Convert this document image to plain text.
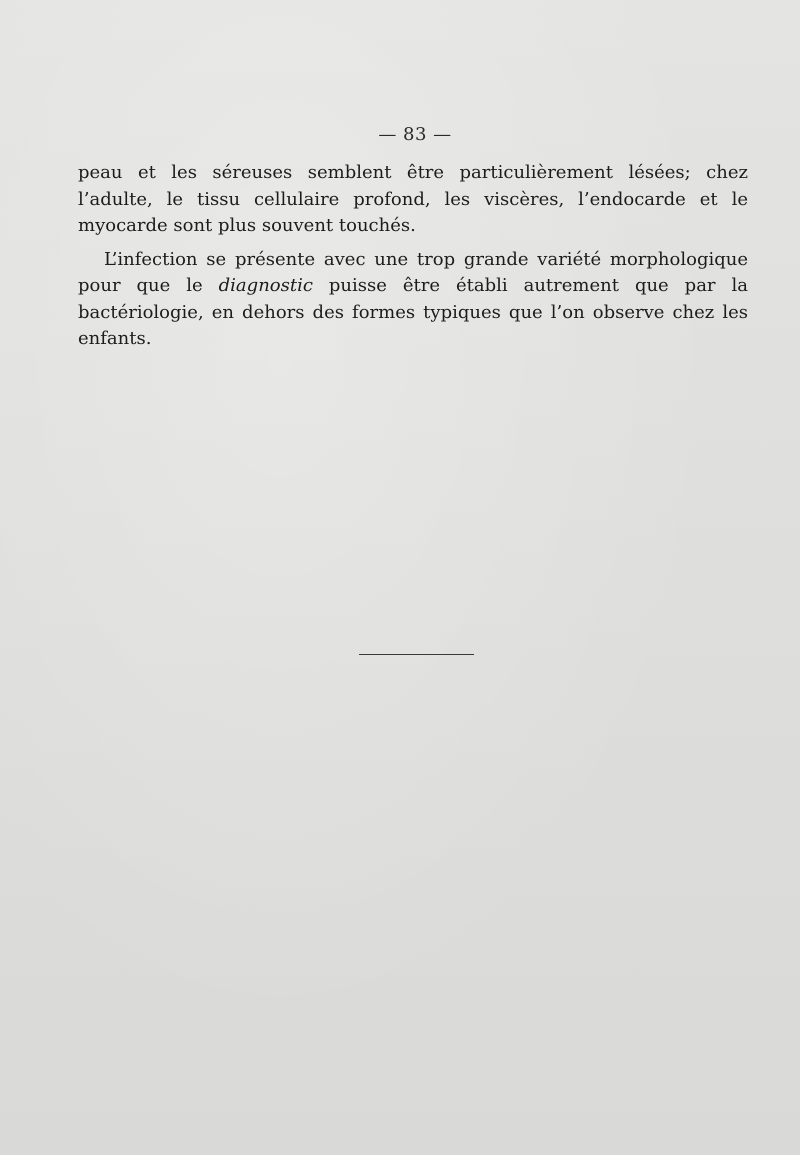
— 83 —

peau et les séreuses semblent être particulièrement lésées; chez l’adulte, le tissu cellulaire profond, les viscères, l’endocarde et le myocarde sont plus souvent touchés.

L’infection se présente avec une trop grande variété morphologique pour que le diagnostic puisse être établi autrement que par la bactériologie, en dehors des formes typiques que l’on observe chez les enfants.
